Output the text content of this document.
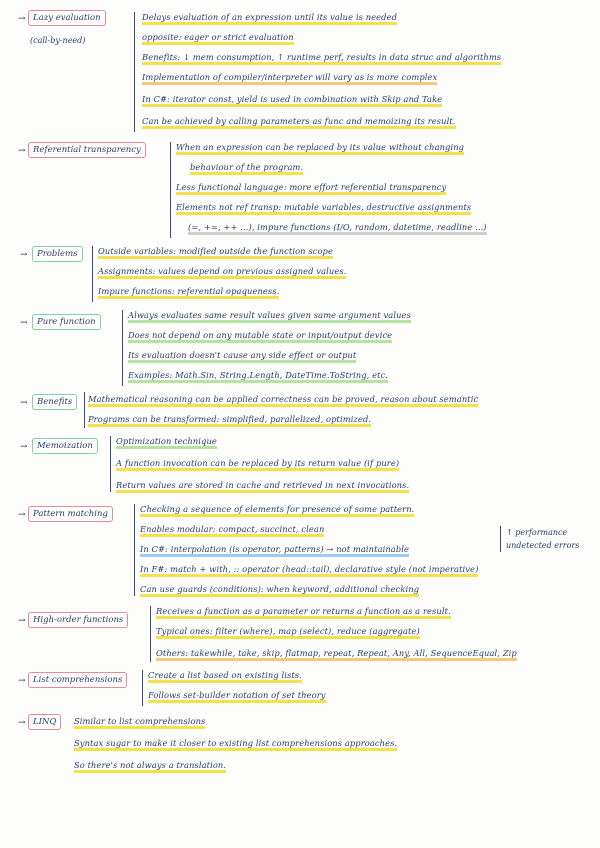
→ Lazy evaluation
(call-by-need)
Delays evaluation of an expression until its value is needed
opposite: eager or strict evaluation
Benefits: ↓ mem consumption, ↑ runtime perf, results in data struc and algorithms
Implementation of compiler/interpreter will vary as is more complex
In C#: iterator const, yield is used in combination with Skip and Take
Can be achieved by calling parameters as func and memoizing its result.
→ Referential transparency	When an expression can be replaced by its value without changing
behaviour of the program.
Less functional language: more effort referential transparency
Elements not ref transp: mutable variables, destructive assignments
(=, +=, ++ ...), impure functions (I/O, random, datetime, readline ...)
→	Problems	Outside variables: modified outside the function scope
Assignments: values depend on previous assigned values.
Impure functions: referential opaqueness.
→	Pure function
Always evaluates same result values given same argument values
Does not depend on any mutable state or input/output device
Its evaluation doesn't cause any side effect or output
Examples: Math.Sin, String.Length, DateTime.ToString, etc.
→	Benefits	Mathematical reasoning can be applied correctness can be proved, reason about semantic
Programs can be transformed: simplified, parallelized, optimized.
→	Memoization	Optimization technique
A function invocation can be replaced by its return value (if pure)
Return values are stored in cache and retrieved in next invocations.
→ Pattern matching	Checking a sequence of elements for presence of some pattern.
Enables modular: compact, succinct, clean
In C#: interpolation (is operator, patterns) → not maintainable
In F#: match + with, :: operator (head::tail), declarative style (not imperative)
Can use guards (conditions): when keyword, additional checking
↑ performance
undetected errors
→ High-order functions
Receives a function as a parameter or returns a function as a result.
Typical ones: filter (where), map (select), reduce (aggregate)
Others: takewhile, take, skip, flatmap, repeat, Repeat, Any, All, SequenceEqual, Zip
→ List comprehensions	Create a list based on existing lists.
Follows set-builder notation of set theory
→ LINQ	Similar to list comprehensions
Syntax sugar to make it closer to existing list comprehensions approaches.
So there's not always a translation.
